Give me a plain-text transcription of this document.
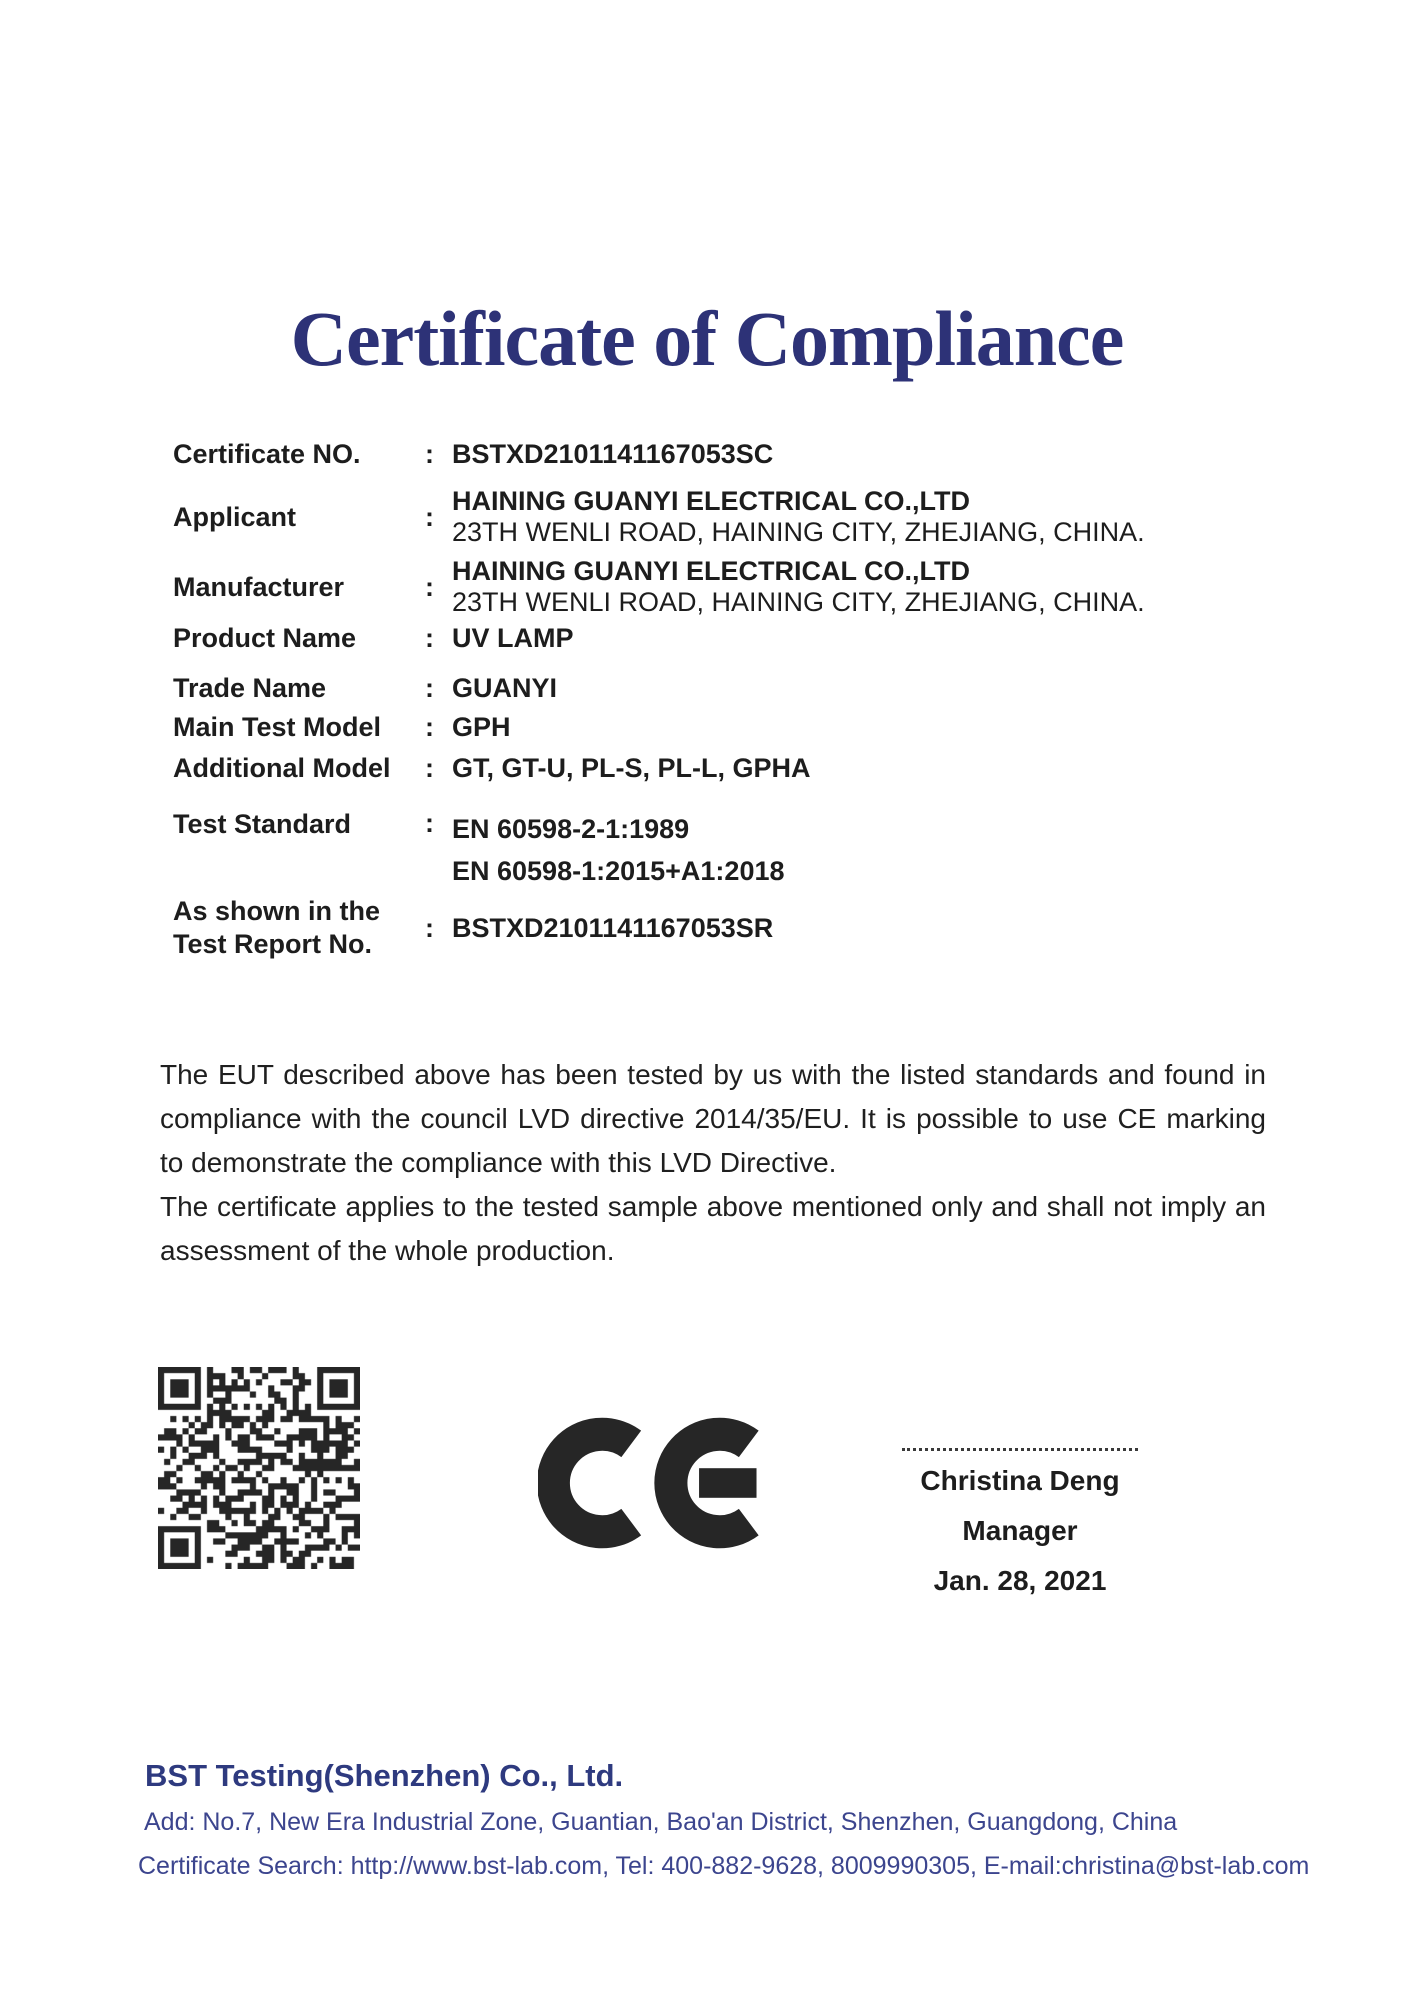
Certificate of Compliance
Certificate NO.	: BSTXD2101141167053SC
Applicant	:
HAINING GUANYI ELECTRICAL CO.,LTD
23TH WENLI ROAD, HAINING CITY, ZHEJIANG, CHINA.
Manufacturer	:
HAINING GUANYI ELECTRICAL CO.,LTD
23TH WENLI ROAD, HAINING CITY, ZHEJIANG, CHINA.
Product Name	: UV LAMP
Trade Name	: GUANYI
Main Test Model	: GPH
Additional Model	: GT, GT-U, PL-S, PL-L, GPHA
Test Standard	: EN 60598-2-1:1989
EN 60598-1:2015+A1:2018
As shown in the
Test Report No.
: BSTXD2101141167053SR

The EUT described above has been tested by us with the listed standards and found in compliance with the council LVD directive 2014/35/EU. It is possible to use CE marking to demonstrate the compliance with this LVD Directive.

The certificate applies to the tested sample above mentioned only and shall not imply an assessment of the whole production.

Christina Deng
Manager
Jan. 28, 2021
BST Testing(Shenzhen) Co., Ltd.
Add: No.7, New Era Industrial Zone, Guantian, Bao'an District, Shenzhen, Guangdong, China
Certificate Search: http://www.bst-lab.com, Tel: 400-882-9628, 8009990305, E-mail:christina@bst-lab.com
